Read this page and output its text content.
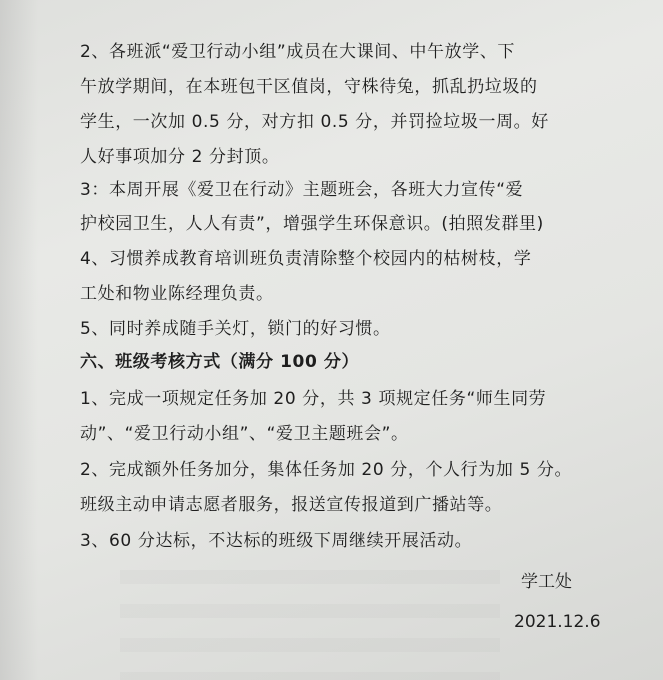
2、各班派“爱卫行动小组”成员在大课间、中午放学、下
午放学期间，在本班包干区值岗，守株待兔，抓乱扔垃圾的
学生，一次加 0.5 分，对方扣 0.5 分，并罚捡垃圾一周。好
人好事项加分 2 分封顶。
3：本周开展《爱卫在行动》主题班会，各班大力宣传“爱
护校园卫生，人人有责”，增强学生环保意识。(拍照发群里)
4、习惯养成教育培训班负责清除整个校园内的枯树枝，学
工处和物业陈经理负责。
5、同时养成随手关灯，锁门的好习惯。
六、班级考核方式（满分 100 分）
1、完成一项规定任务加 20 分，共 3 项规定任务“师生同劳
动”、“爱卫行动小组”、“爱卫主题班会”。
2、完成额外任务加分，集体任务加 20 分，个人行为加 5 分。
班级主动申请志愿者服务，报送宣传报道到广播站等。
3、60 分达标，不达标的班级下周继续开展活动。
学工处
2021.12.6
